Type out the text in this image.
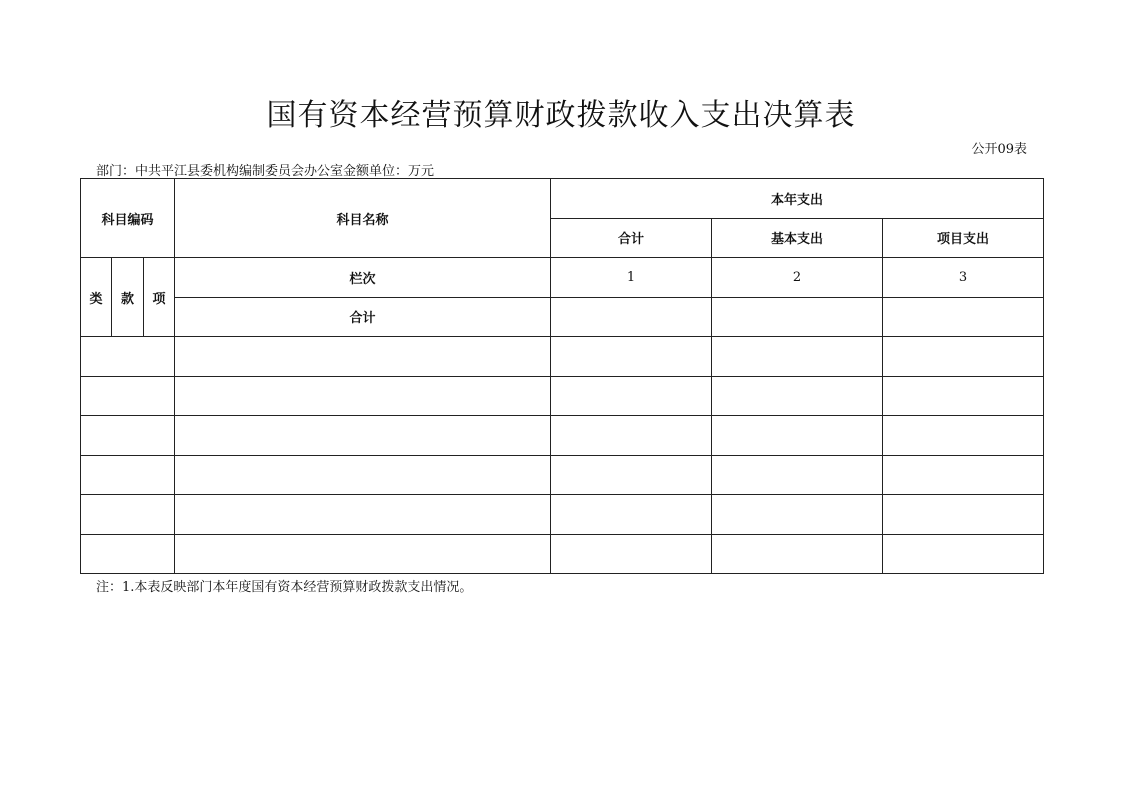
国有资本经营预算财政拨款收入支出决算表
公开09表
部门：中共平江县委机构编制委员会办公室金额单位：万元
科目编码			科目名称	本年支出		
				合计	基本支出	项目支出
类	款	项	栏次	1	2	3
			合计			

注：1.本表反映部门本年度国有资本经营预算财政拨款支出情况。
